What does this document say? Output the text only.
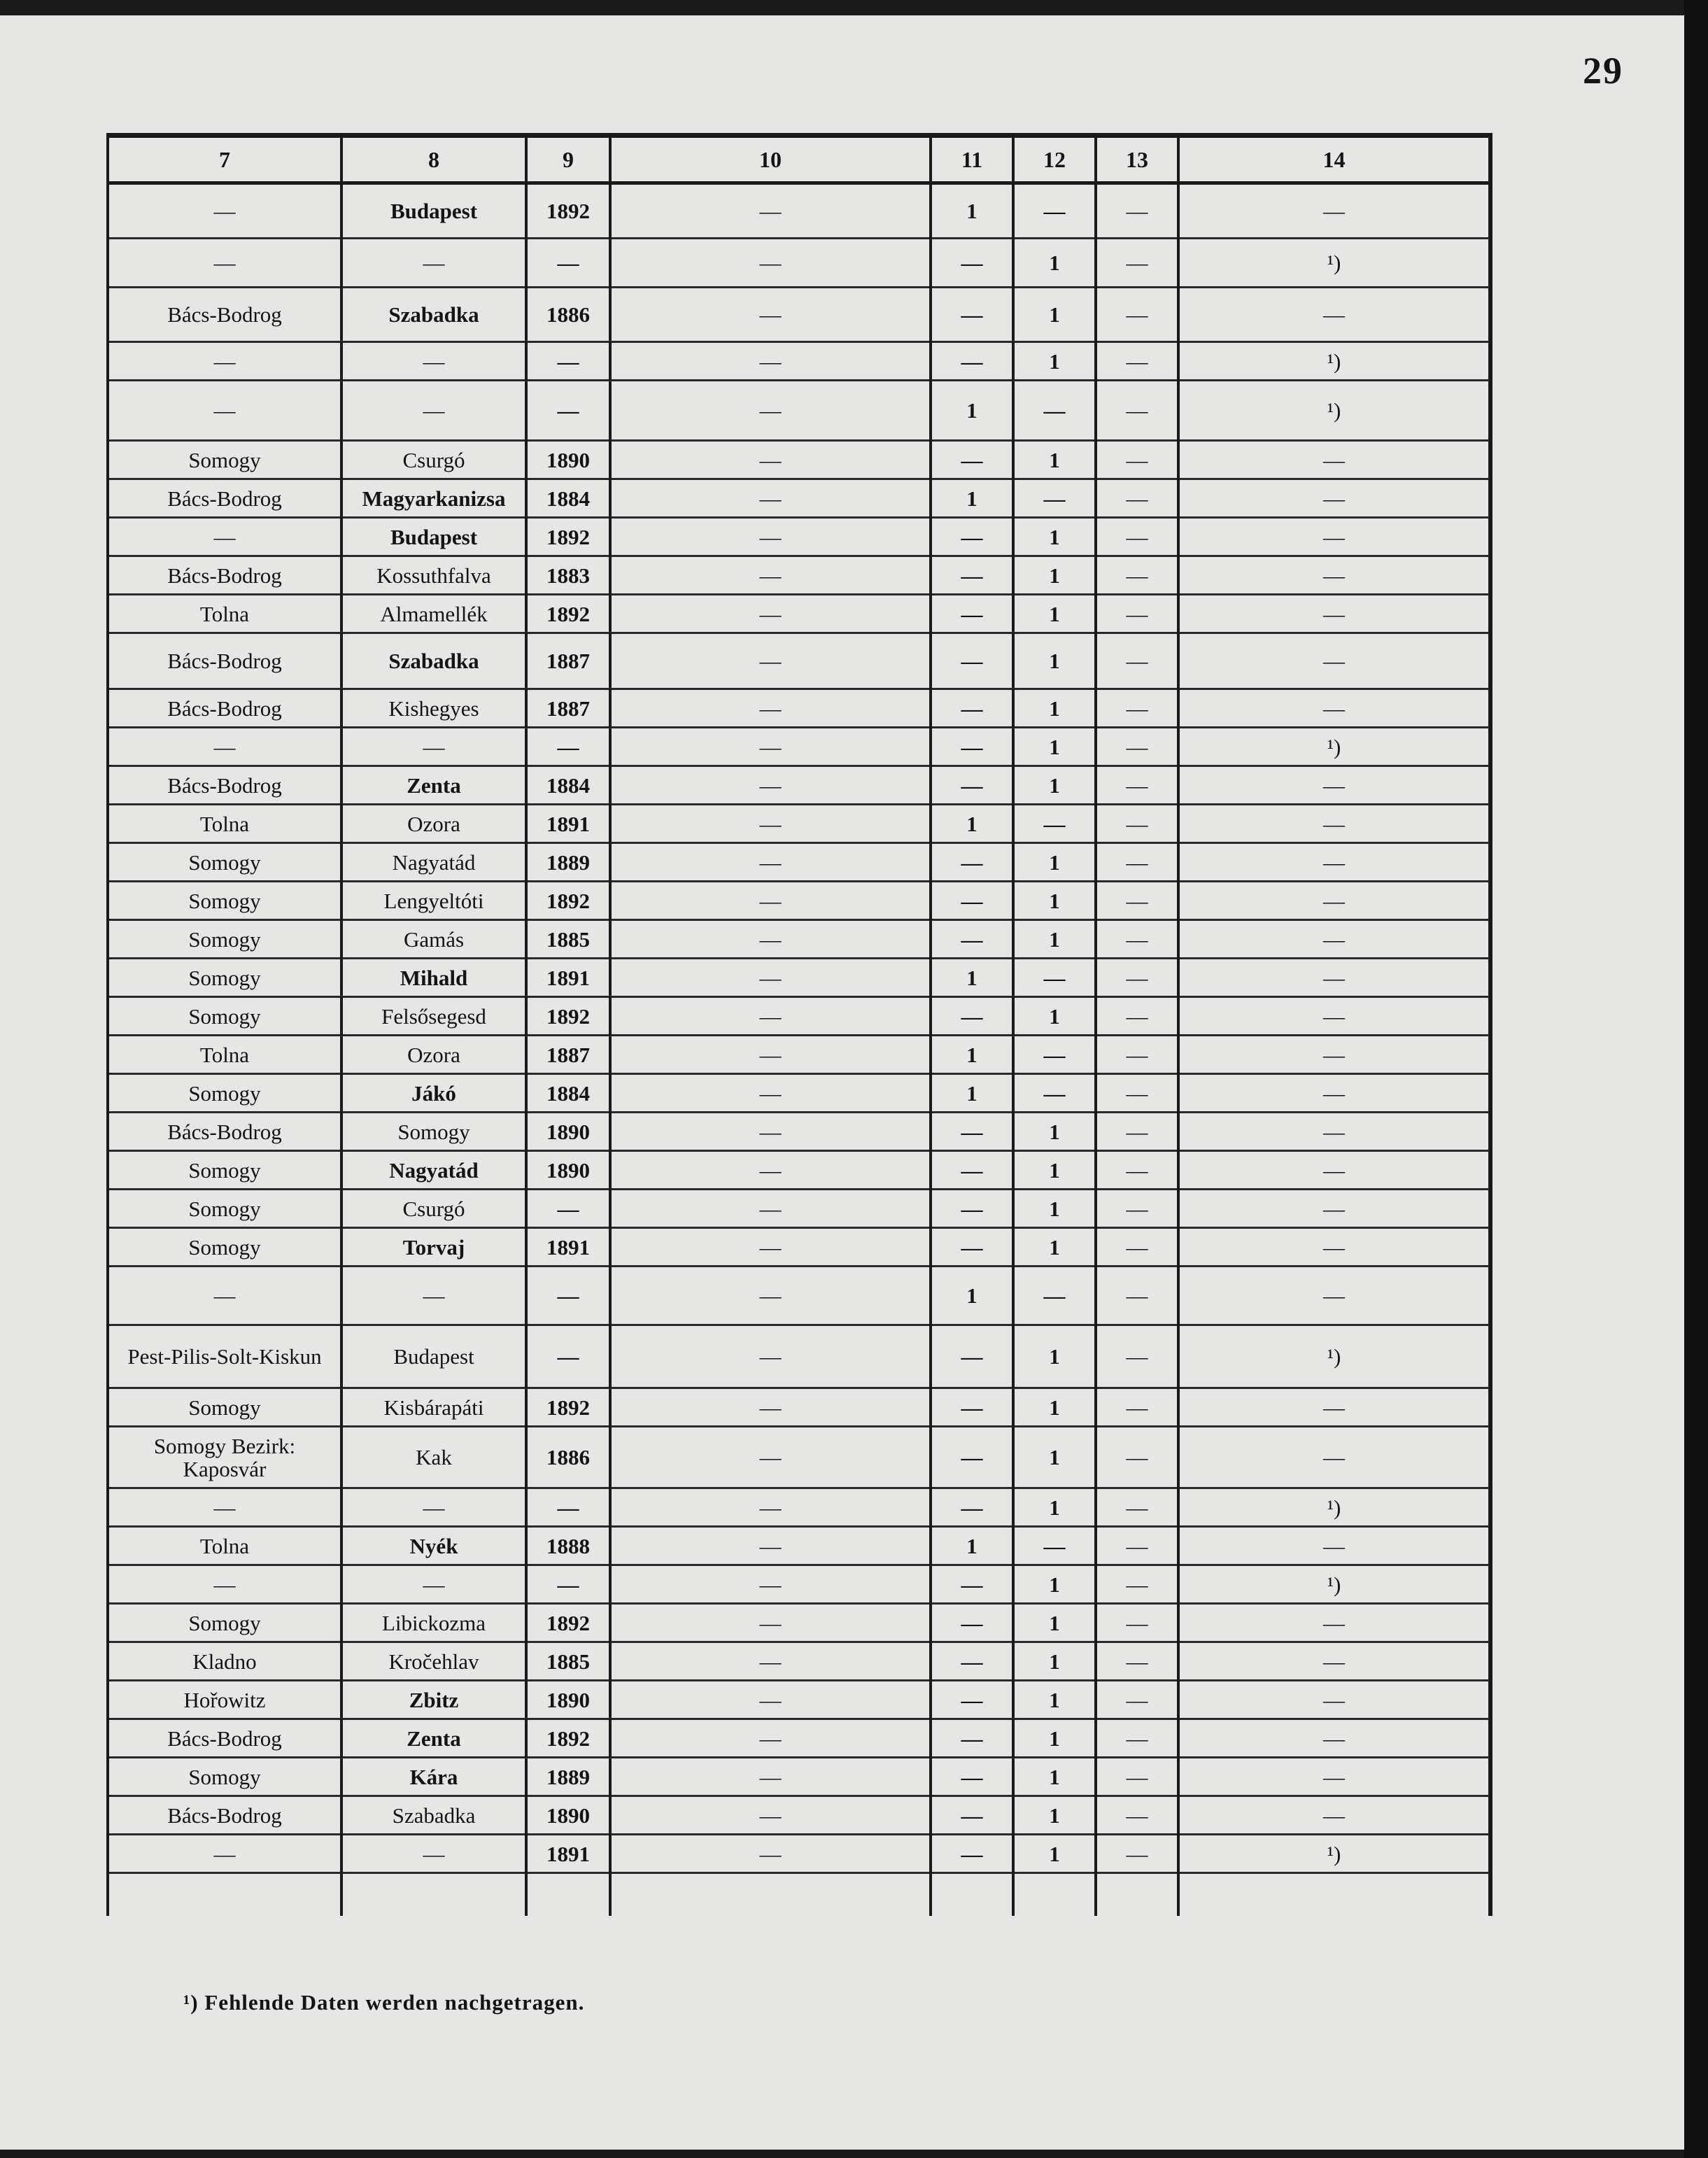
29
7	8	9	10	11	12	13	14
—	Budapest	1892	—	1	—	—	—
—	—	—	—	—	1	—	¹)
Bács-Bodrog	Szabadka	1886	—	—	1	—	—
—	—	—	—	—	1	—	¹)
—	—	—	—	1	—	—	¹)
Somogy	Csurgó	1890	—	—	1	—	—
Bács-Bodrog	Magyarkanizsa	1884	—	1	—	—	—
—	Budapest	1892	—	—	1	—	—
Bács-Bodrog	Kossuthfalva	1883	—	—	1	—	—
Tolna	Almamellék	1892	—	—	1	—	—
Bács-Bodrog	Szabadka	1887	—	—	1	—	—
Bács-Bodrog	Kishegyes	1887	—	—	1	—	—
—	—	—	—	—	1	—	¹)
Bács-Bodrog	Zenta	1884	—	—	1	—	—
Tolna	Ozora	1891	—	1	—	—	—
Somogy	Nagyatád	1889	—	—	1	—	—
Somogy	Lengyeltóti	1892	—	—	1	—	—
Somogy	Gamás	1885	—	—	1	—	—
Somogy	Mihald	1891	—	1	—	—	—
Somogy	Felsősegesd	1892	—	—	1	—	—
Tolna	Ozora	1887	—	1	—	—	—
Somogy	Jákó	1884	—	1	—	—	—
Bács-Bodrog	Somogy	1890	—	—	1	—	—
Somogy	Nagyatád	1890	—	—	1	—	—
Somogy	Csurgó	—	—	—	1	—	—
Somogy	Torvaj	1891	—	—	1	—	—
—	—	—	—	1	—	—	—
Pest-Pilis-Solt-Kiskun	Budapest	—	—	—	1	—	¹)
Somogy	Kisbárapáti	1892	—	—	1	—	—
Somogy Bezirk: Kaposvár	Kak	1886	—	—	1	—	—
—	—	—	—	—	1	—	¹)
Tolna	Nyék	1888	—	1	—	—	—
—	—	—	—	—	1	—	¹)
Somogy	Libickozma	1892	—	—	1	—	—
Kladno	Kročehlav	1885	—	—	1	—	—
Hořowitz	Zbitz	1890	—	—	1	—	—
Bács-Bodrog	Zenta	1892	—	—	1	—	—
Somogy	Kára	1889	—	—	1	—	—
Bács-Bodrog	Szabadka	1890	—	—	1	—	—
—	—	1891	—	—	1	—	¹)

¹) Fehlende Daten werden nachgetragen.
